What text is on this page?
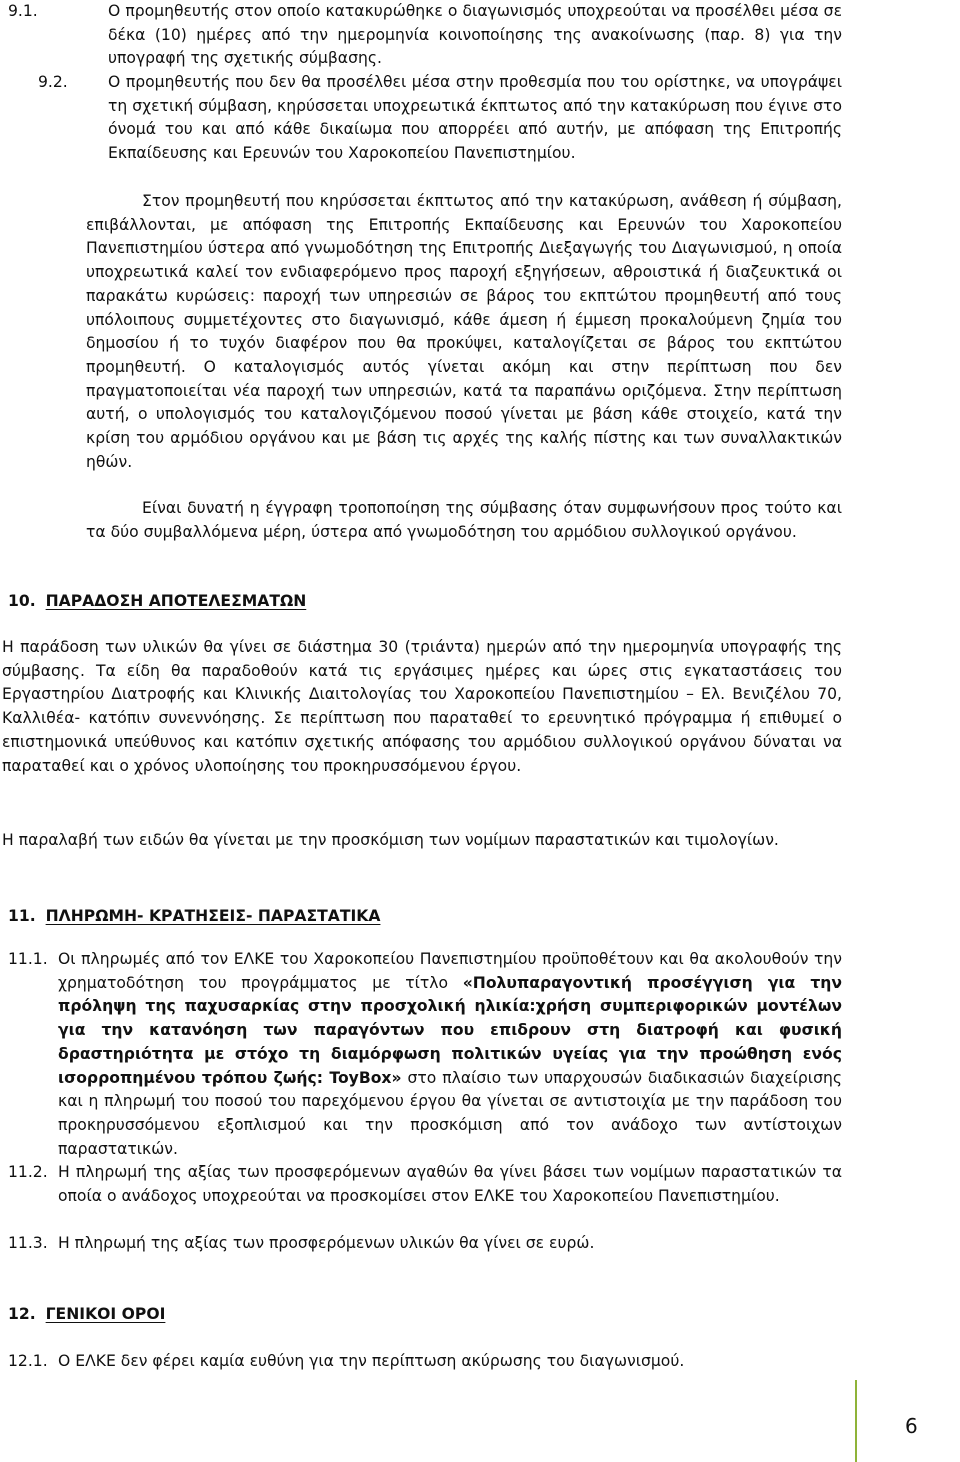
9.1.	Ο προμηθευτής στον οποίο κατακυρώθηκε ο διαγωνισμός υποχρεούται να προσέλθει μέσα σε δέκα (10) ημέρες από την ημερομηνία κοινοποίησης της ανακοίνωσης (παρ. 8) για την υπογραφή της σχετικής σύμβασης.
9.2.	Ο προμηθευτής που δεν θα προσέλθει μέσα στην προθεσμία που του ορίστηκε, να υπογράψει τη σχετική σύμβαση, κηρύσσεται υποχρεωτικά έκπτωτος από την κατακύρωση που έγινε στο όνομά του και από κάθε δικαίωμα που απορρέει από αυτήν, με απόφαση της Επιτροπής Εκπαίδευσης και Ερευνών του Χαροκοπείου Πανεπιστημίου.
Στον προμηθευτή που κηρύσσεται έκπτωτος από την κατακύρωση, ανάθεση ή σύμβαση, επιβάλλονται, με απόφαση της Επιτροπής Εκπαίδευσης και Ερευνών του Χαροκοπείου Πανεπιστημίου ύστερα από γνωμοδότηση της Επιτροπής Διεξαγωγής του Διαγωνισμού, η οποία υποχρεωτικά καλεί τον ενδιαφερόμενο προς παροχή εξηγήσεων, αθροιστικά ή διαζευκτικά οι παρακάτω κυρώσεις: παροχή των υπηρεσιών σε βάρος του εκπτώτου προμηθευτή από τους υπόλοιπους συμμετέχοντες στο διαγωνισμό, κάθε άμεση ή έμμεση προκαλούμενη ζημία του δημοσίου ή το τυχόν διαφέρον που θα προκύψει, καταλογίζεται σε βάρος του εκπτώτου προμηθευτή. Ο καταλογισμός αυτός γίνεται ακόμη και στην περίπτωση που δεν πραγματοποιείται νέα παροχή των υπηρεσιών, κατά τα παραπάνω οριζόμενα. Στην περίπτωση αυτή, ο υπολογισμός του καταλογιζόμενου ποσού γίνεται με βάση κάθε στοιχείο, κατά την κρίση του αρμόδιου οργάνου και με βάση τις αρχές της καλής πίστης και των συναλλακτικών ηθών.
Είναι δυνατή η έγγραφη τροποποίηση της σύμβασης όταν συμφωνήσουν προς τούτο και τα δύο συμβαλλόμενα μέρη, ύστερα από γνωμοδότηση του αρμόδιου συλλογικού οργάνου.
10. ΠΑΡΑΔΟΣΗ ΑΠΟΤΕΛΕΣΜΑΤΩΝ
Η παράδοση των υλικών θα γίνει σε διάστημα 30 (τριάντα) ημερών από την ημερομηνία υπογραφής της σύμβασης. Τα είδη θα παραδοθούν κατά τις εργάσιμες ημέρες και ώρες στις εγκαταστάσεις του Εργαστηρίου Διατροφής και Κλινικής Διαιτολογίας του Χαροκοπείου Πανεπιστημίου – Ελ. Βενιζέλου 70, Καλλιθέα- κατόπιν συνεννόησης. Σε περίπτωση που παραταθεί το ερευνητικό πρόγραμμα ή επιθυμεί ο επιστημονικά υπεύθυνος και κατόπιν σχετικής απόφασης του αρμόδιου συλλογικού οργάνου δύναται να παραταθεί και ο χρόνος υλοποίησης του προκηρυσσόμενου έργου.
Η παραλαβή των ειδών θα γίνεται με την προσκόμιση των νομίμων παραστατικών και τιμολογίων.
11. ΠΛΗΡΩΜΗ- ΚΡΑΤΗΣΕΙΣ- ΠΑΡΑΣΤΑΤΙΚΑ
11.1. Οι πληρωμές από τον ΕΛΚΕ του Χαροκοπείου Πανεπιστημίου προϋποθέτουν και θα ακολουθούν την χρηματοδότηση του προγράμματος με τίτλο «Πολυπαραγοντική προσέγγιση για την πρόληψη της παχυσαρκίας στην προσχολική ηλικία:χρήση συμπεριφορικών μοντέλων για την κατανόηση των παραγόντων που επιδρουν στη διατροφή και φυσική δραστηριότητα με στόχο τη διαμόρφωση πολιτικών υγείας για την προώθηση ενός ισορροπημένου τρόπου ζωής: ToyBox» στο πλαίσιο των υπαρχουσών διαδικασιών διαχείρισης και η πληρωμή του ποσού του παρεχόμενου έργου θα γίνεται σε αντιστοιχία με την παράδοση του προκηρυσσόμενου εξοπλισμού και την προσκόμιση από τον ανάδοχο των αντίστοιχων παραστατικών.
11.2. Η πληρωμή της αξίας των προσφερόμενων αγαθών θα γίνει βάσει των νομίμων παραστατικών τα οποία ο ανάδοχος υποχρεούται να προσκομίσει στον ΕΛΚΕ του Χαροκοπείου Πανεπιστημίου.
11.3. Η πληρωμή της αξίας των προσφερόμενων υλικών θα γίνει σε ευρώ.
12. ΓΕΝΙΚΟΙ ΟΡΟΙ
12.1. Ο ΕΛΚΕ δεν φέρει καμία ευθύνη για την περίπτωση ακύρωσης του διαγωνισμού.
6
